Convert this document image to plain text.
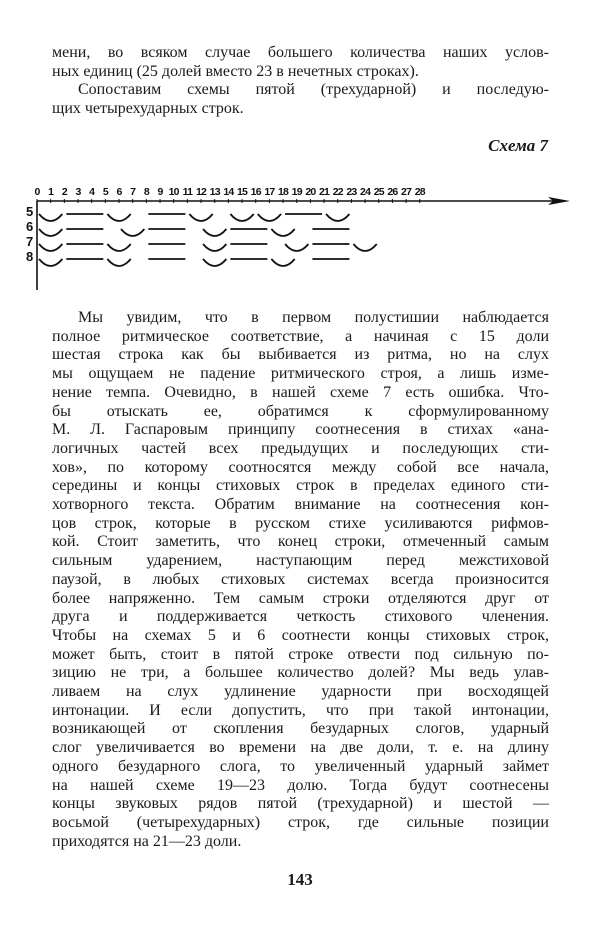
мени, во всяком случае большего количества наших услов-
ных единиц (25 долей вместо 23 в нечетных строках).
Сопоставим схемы пятой (трехударной) и последую-
щих четырехударных строк.
Схема 7
0 1 2 3 4 5 6 7 8 9 10 11 12 13 14 15 16 17 18 19 20 21 22 23 24 25 26 27 28
5
6
7
8
Мы увидим, что в первом полустишии наблюдается
полное ритмическое соответствие, а начиная с 15 доли
шестая строка как бы выбивается из ритма, но на слух
мы ощущаем не падение ритмического строя, а лишь изме-
нение темпа. Очевидно, в нашей схеме 7 есть ошибка. Что-
бы отыскать ее, обратимся к сформулированному
М. Л. Гаспаровым принципу соотнесения в стихах «ана-
логичных частей всех предыдущих и последующих сти-
хов», по которому соотносятся между собой все начала,
середины и концы стиховых строк в пределах единого сти-
хотворного текста. Обратим внимание на соотнесения кон-
цов строк, которые в русском стихе усиливаются рифмов-
кой. Стоит заметить, что конец строки, отмеченный самым
сильным ударением, наступающим перед межстиховой
паузой, в любых стиховых системах всегда произносится
более напряженно. Тем самым строки отделяются друг от
друга и поддерживается четкость стихового членения.
Чтобы на схемах 5 и 6 соотнести концы стиховых строк,
может быть, стоит в пятой строке отвести под сильную по-
зицию не три, а большее количество долей? Мы ведь улав-
ливаем на слух удлинение ударности при восходящей
интонации. И если допустить, что при такой интонации,
возникающей от скопления безударных слогов, ударный
слог увеличивается во времени на две доли, т. е. на длину
одного безударного слога, то увеличенный ударный займет
на нашей схеме 19—23 долю. Тогда будут соотнесены
концы звуковых рядов пятой (трехударной) и шестой —
восьмой (четырехударных) строк, где сильные позиции
приходятся на 21—23 доли.
143
